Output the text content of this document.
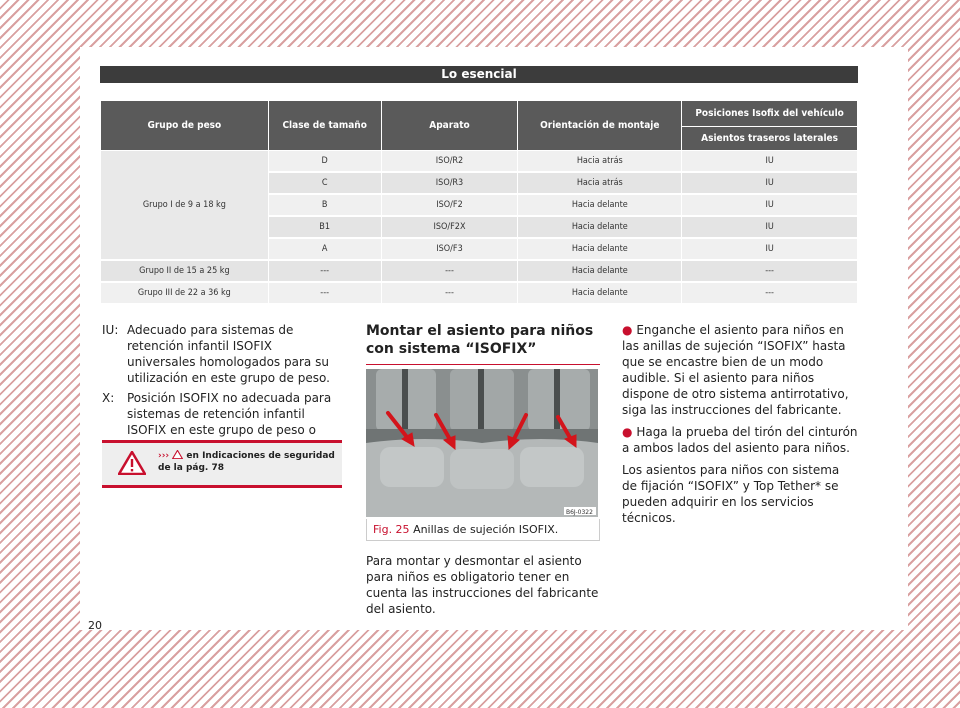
Lo esencial
Grupo de peso	Clase de tamaño	Aparato	Orientación de montaje	Posiciones Isofix del vehículo
				Asientos traseros laterales
Grupo I de 9 a 18 kg	D	ISO/R2	Hacia atrás	IU
	C	ISO/R3	Hacia atrás	IU
	B	ISO/F2	Hacia delante	IU
	B1	ISO/F2X	Hacia delante	IU
	A	ISO/F3	Hacia delante	IU
Grupo II de 15 a 25 kg	---	---	Hacia delante	---
Grupo III de 22 a 36 kg	---	---	Hacia delante	---
IU: Adecuado para sistemas de retención infantil ISOFIX universales homologados para su utilización en este grupo de peso.
X:	Posición ISOFIX no adecuada para sistemas de retención infantil ISOFIX en este grupo de peso o
››› en Indicaciones de seguridad de la pág. 78
Montar el asiento para niños con sistema “ISOFIX”
B6J-0322
Fig. 25 Anillas de sujeción ISOFIX.
Para montar y desmontar el asiento para niños es obligatorio tener en cuenta las instrucciones del fabricante del asiento.

● Enganche el asiento para niños en las anillas de sujeción “ISOFIX” hasta que se encastre bien de un modo audible. Si el asiento para niños dispone de otro sistema antirrotativo, siga las instrucciones del fabricante.

● Haga la prueba del tirón del cinturón a ambos lados del asiento para niños.

Los asientos para niños con sistema de fijación “ISOFIX” y Top Tether* se pueden adquirir en los servicios técnicos.

20
